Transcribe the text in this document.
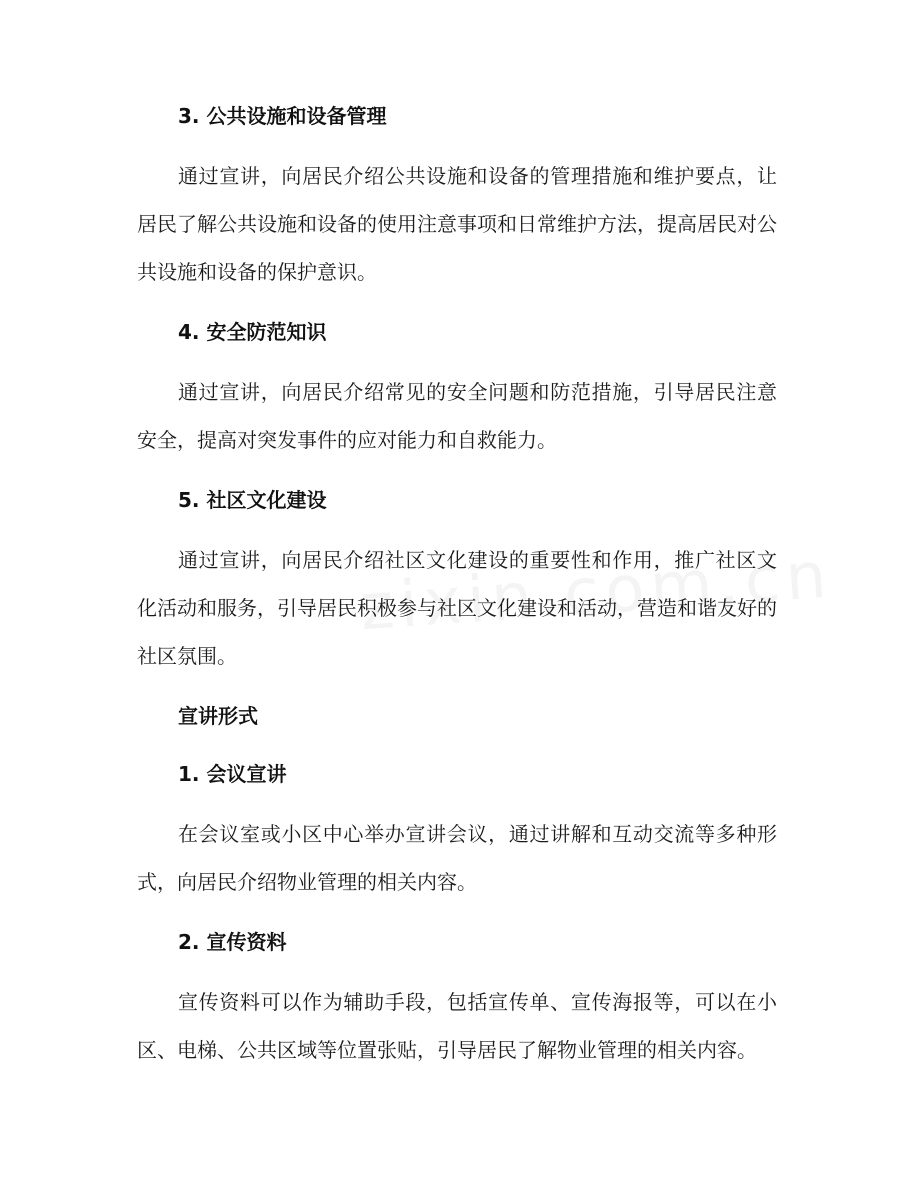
3. 公共设施和设备管理

通过宣讲，向居民介绍公共设施和设备的管理措施和维护要点，让居民了解公共设施和设备的使用注意事项和日常维护方法，提高居民对公共设施和设备的保护意识。

4. 安全防范知识

通过宣讲，向居民介绍常见的安全问题和防范措施，引导居民注意安全，提高对突发事件的应对能力和自救能力。

5. 社区文化建设

通过宣讲，向居民介绍社区文化建设的重要性和作用，推广社区文化活动和服务，引导居民积极参与社区文化建设和活动，营造和谐友好的社区氛围。

宣讲形式
1. 会议宣讲

在会议室或小区中心举办宣讲会议，通过讲解和互动交流等多种形式，向居民介绍物业管理的相关内容。

2. 宣传资料

宣传资料可以作为辅助手段，包括宣传单、宣传海报等，可以在小区、电梯、公共区域等位置张贴，引导居民了解物业管理的相关内容。
